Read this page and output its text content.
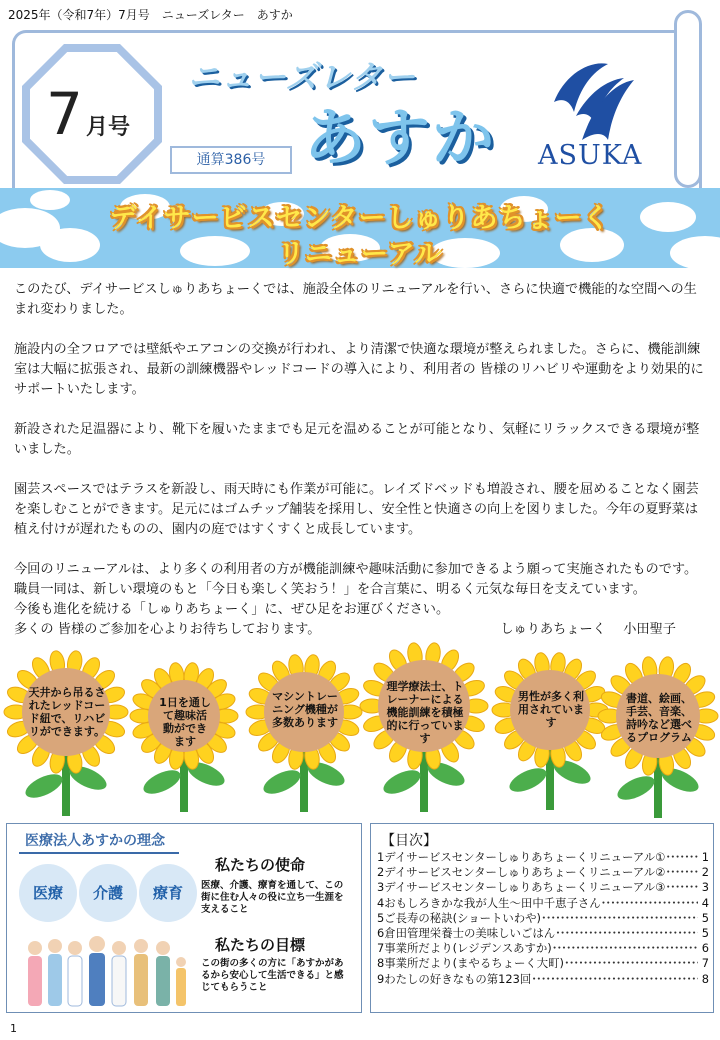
2025年（令和7年）7月号　ニューズレター　あすか
7 月号
ニューズレター
あすか
通算386号	ASUKA
デイサービスセンターしゅりあちょーく
リニューアル

このたび、デイサービスしゅりあちょーくでは、施設全体のリニューアルを行い、さらに快適で機能的な空間への生まれ変わりました。

施設内の全フロアでは壁紙やエアコンの交換が行われ、より清潔で快適な環境が整えられました。さらに、機能訓練室は大幅に拡張され、最新の訓練機器やレッドコードの導入により、利用者の 皆様のリハビリや運動をより効果的にサポートいたします。

新設された足温器により、靴下を履いたままでも足元を温めることが可能となり、気軽にリラックスできる環境が整いました。

園芸スペースではテラスを新設し、雨天時にも作業が可能に。レイズドベッドも増設され、腰を屈めることなく園芸を楽しむことができます。足元にはゴムチップ舗装を採用し、安全性と快適さの向上を図りました。今年の夏野菜は植え付けが遅れたものの、園内の庭ではすくすくと成長しています。

今回のリニューアルは、より多くの利用者の方が機能訓練や趣味活動に参加できるよう願って実施されたものです。職員一同は、新しい環境のもと「今日も楽しく笑おう！」を合言葉に、明るく元気な毎日を支えています。

今後も進化を続ける「しゅりあちょーく」に、ぜひ足をお運びください。

多くの 皆様のご参加を心よりお待ちしております。	しゅりあちょーく　 小田聖子
天井から吊るされたレッドコード紐で、リハビリができます。
1日を通して趣味活動ができます
マシントレーニング機種が多数あります
理学療法士、トレーナーによる機能訓練を積極的に行っています
男性が多く利用されています
書道、絵画、手芸、音楽、詩吟など選べるプログラム
医療法人あすかの理念
医療	介護	療育
私たちの使命
医療、介護、療育を通して、この街に住む人々の役に立ち一生涯を支えること
私たちの目標
この街の多くの方に「あすかがあるから安心して生活できる」と感じてもらうこと
【目次】
1デイサービスセンターしゅりあちょーくリニューアル① ････････････････････････････････････････････	1
2デイサービスセンターしゅりあちょーくリニューアル② ････････････････････････････････････････････	2
3デイサービスセンターしゅりあちょーくリニューアル③ ････････････････････････････････････････････	3
4おもしろきかな我が人生～田中千恵子さん ････････････････････････････････････････････	4
5ご長寿の秘訣(ショートいわや) ････････････････････････････････････････････	5
6倉田管理栄養士の美味しいごはん ････････････････････････････････････････････	5
7事業所だより(レジデンスあすか) ････････････････････････････････････････････	6
8事業所だより(まやるちょーく大町) ････････････････････････････････････････････	7
9わたしの好きなもの第123回 ････････････････････････････････････････････	8
1
